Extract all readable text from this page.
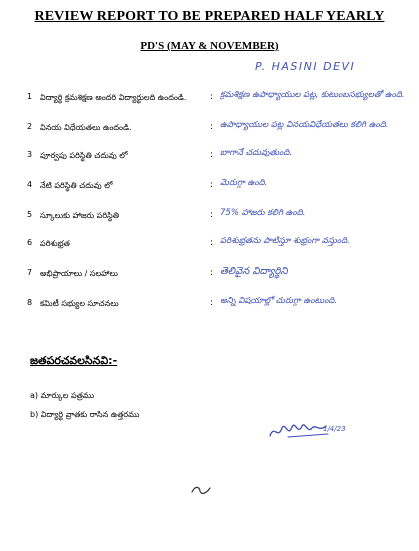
REVIEW REPORT TO BE PREPARED HALF YEARLY
PD'S (MAY & NOVEMBER)
P. HASINI DEVI
1 విద్యార్థి క్రమశిక్షణ అందరి విద్యార్థులది ఉందండి.	: క్రమశిక్షణ ఉపాధ్యాయుల పట్ల, కుటుంబసభ్యులతో ఉంది.
2 వినయ విధేయతలు ఉందండి.	: ఉపాధ్యాయుల పట్ల వినయవిధేయతలు కలిగి ఉంది.
3 పూర్వపు పరిస్థితి చదువు లో	: బాగానే చదువుతుంది.
4 నేటి పరిస్థితి చదువు లో	: మెరుగ్గా ఉంది.
5 స్కూలుకు హాజరు పరిస్థితి	: 75% హాజరు కలిగి ఉంది.
6 పరిశుభ్రత	: పరిశుభ్రతను పాటిస్తూ శుభ్రంగా వస్తుంది.
7 అభిప్రాయాలు / సలహాలు	: తెలివైన విద్యార్థిని
8 కమిటీ సభ్యుల సూచనలు	: అన్ని విషయాల్లో చురుగ్గా ఉంటుంది.
జతపరచవలసినవి:-
a) మార్కుల పత్రము
b) విద్యార్థి వ్రాతకు రాసిన ఉత్తరము
1/4/23
